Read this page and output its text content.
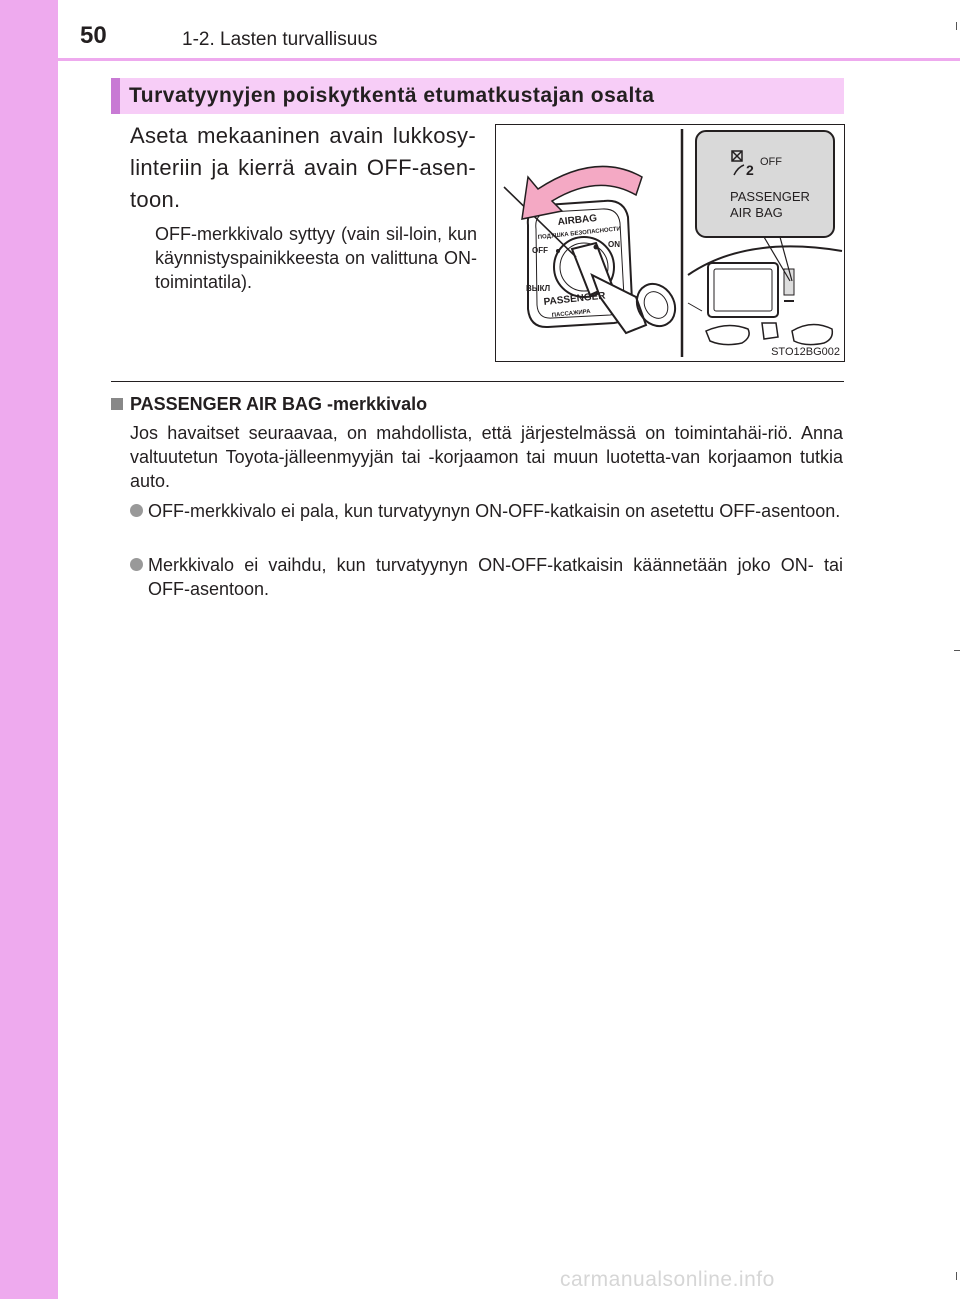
50	1-2. Lasten turvallisuus
Turvatyynyjen poiskytkentä etumatkustajan osalta
Aseta mekaaninen avain lukkosy-linteriin ja kierrä avain OFF-asen-toon.
OFF-merkkivalo syttyy (vain sil-loin, kun käynnistyspainikkeesta on valittuna ON-toimintatila).
2 OFF
PASSENGER
AIR BAG
AIRBAG
ПОДУШКА БЕЗОПАСНОСТИ
OFF
ON
ВЫКЛ
PASSENGER
ПАССАЖИРА
STO12BG002
PASSENGER AIR BAG -merkkivalo
Jos havaitset seuraavaa, on mahdollista, että järjestelmässä on toimintahäi-riö. Anna valtuutetun Toyota-jälleenmyyjän tai -korjaamon tai muun luotetta-van korjaamon tutkia auto.
OFF-merkkivalo ei pala, kun turvatyynyn ON-OFF-katkaisin on asetettu OFF-asentoon.
Merkkivalo ei vaihdu, kun turvatyynyn ON-OFF-katkaisin käännetään joko ON- tai OFF-asentoon.
carmanualsonline.info
